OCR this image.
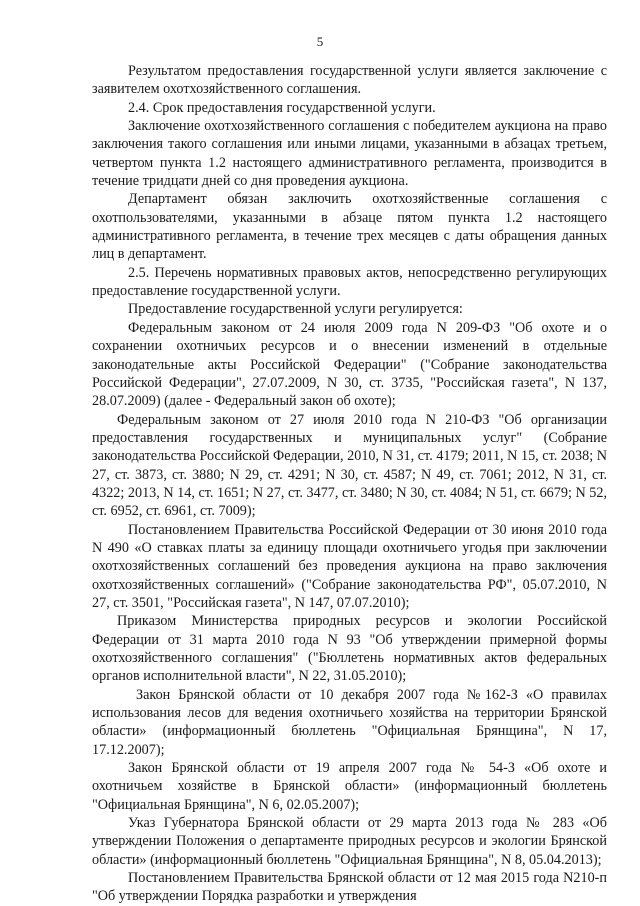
5

Результатом предоставления государственной услуги является заключение с заявителем охотхозяйственного соглашения.

2.4. Срок предоставления государственной услуги.

Заключение охотхозяйственного соглашения с победителем аукциона на право заключения такого соглашения или иными лицами, указанными в абзацах третьем, четвертом пункта 1.2 настоящего административного регламента, производится в течение тридцати дней со дня проведения аукциона.

Департамент обязан заключить охотхозяйственные соглашения с охотпользователями, указанными в абзаце пятом пункта 1.2 настоящего административного регламента, в течение трех месяцев с даты обращения данных лиц в департамент.

2.5. Перечень нормативных правовых актов, непосредственно регулирующих предоставление государственной услуги.

Предоставление государственной услуги регулируется:

Федеральным законом от 24 июля 2009 года N 209-ФЗ "Об охоте и о сохранении охотничьих ресурсов и о внесении изменений в отдельные законодательные акты Российской Федерации" ("Собрание законодательства Российской Федерации", 27.07.2009, N 30, ст. 3735, "Российская газета", N 137, 28.07.2009) (далее - Федеральный закон об охоте);

Федеральным законом от 27 июля 2010 года N 210-ФЗ "Об организации предоставления государственных и муниципальных услуг" (Собрание законодательства Российской Федерации, 2010, N 31, ст. 4179; 2011, N 15, ст. 2038; N 27, ст. 3873, ст. 3880; N 29, ст. 4291; N 30, ст. 4587; N 49, ст. 7061; 2012, N 31, ст. 4322; 2013, N 14, ст. 1651; N 27, ст. 3477, ст. 3480; N 30, ст. 4084; N 51, ст. 6679; N 52, ст. 6952, ст. 6961, ст. 7009);

Постановлением Правительства Российской Федерации от 30 июня 2010 года N 490 «О ставках платы за единицу площади охотничьего угодья при заключении охотхозяйственных соглашений без проведения аукциона на право заключения охотхозяйственных соглашений» ("Собрание законодательства РФ", 05.07.2010, N 27, ст. 3501, "Российская газета", N 147, 07.07.2010);

Приказом Министерства природных ресурсов и экологии Российской Федерации от 31 марта 2010 года N 93 "Об утверждении примерной формы охотхозяйственного соглашения" ("Бюллетень нормативных актов федеральных органов исполнительной власти", N 22, 31.05.2010);

Закон Брянской области от 10 декабря 2007 года №162-З «О правилах использования лесов для ведения охотничьего хозяйства на территории Брянской области» (информационный бюллетень "Официальная Брянщина", N 17, 17.12.2007);

Закон Брянской области от 19 апреля 2007 года № 54-З «Об охоте и охотничьем хозяйстве в Брянской области» (информационный бюллетень "Официальная Брянщина", N 6, 02.05.2007);

Указ Губернатора Брянской области от 29 марта 2013 года № 283 «Об утверждении Положения о департаменте природных ресурсов и экологии Брянской области» (информационный бюллетень "Официальная Брянщина", N 8, 05.04.2013);

Постановлением Правительства Брянской области от 12 мая 2015 года N210-п "Об утверждении Порядка разработки и утверждения
